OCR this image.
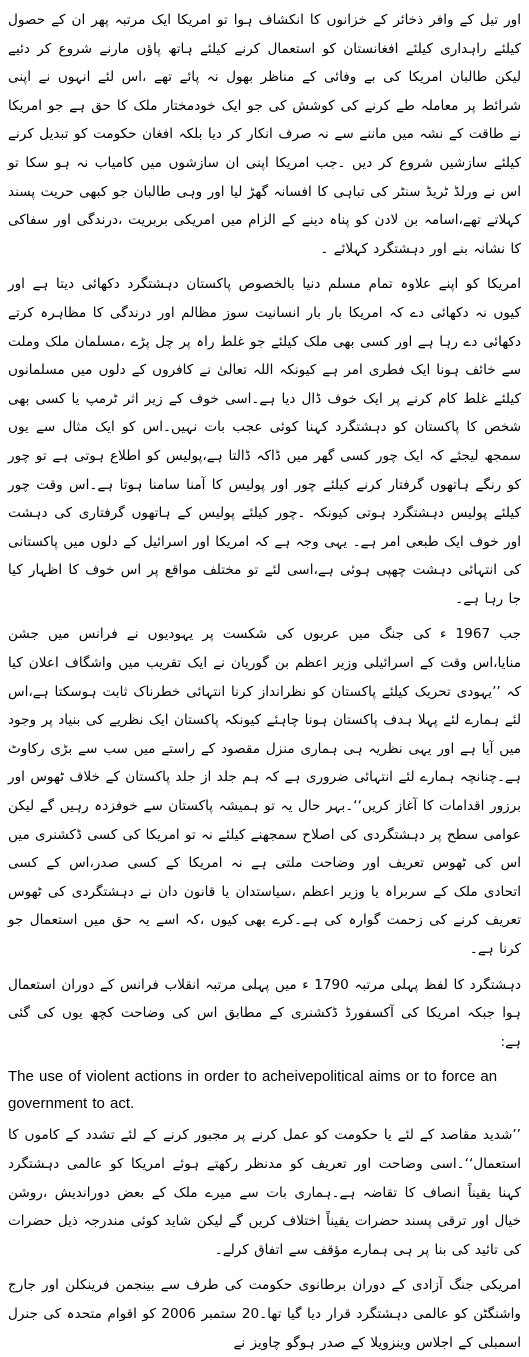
اور تیل کے وافر ذخائر کے خزانوں کا انکشاف ہوا تو امریکا ایک مرتبہ پھر ان کے حصول کیلئے راہداری کیلئے افغانستان کو استعمال کرنے کیلئے ہاتھ پاؤں مارنے شروع کر دئیے لیکن طالبان امریکا کی بے وفائی کے مناظر بھول نہ پائے تھے ،اس لئے انہوں نے اپنی شرائط پر معاملہ طے کرنے کی کوشش کی جو ایک خودمختار ملک کا حق ہے جو امریکا نے طاقت کے نشہ میں ماننے سے نہ صرف انکار کر دیا بلکہ افغان حکومت کو تبدیل کرنے کیلئے سازشیں شروع کر دیں ۔جب امریکا اپنی ان سازشوں میں کامیاب نہ ہو سکا تو اس نے ورلڈ ٹریڈ سنٹر کی تباہی کا افسانہ گھڑ لیا اور وہی طالبان جو کبھی حریت پسند کہلاتے تھے،اسامہ بن لادن کو پناہ دینے کے الزام میں امریکی بربریت ،درندگی اور سفاکی کا نشانہ بنے اور دہشتگرد کہلائے ۔

امریکا کو اپنے علاوہ تمام مسلم دنیا بالخصوص پاکستان دہشتگرد دکھائی دیتا ہے اور کیوں نہ دکھائی دے کہ امریکا بار بار انسانیت سوز مظالم اور درندگی کا مظاہرہ کرتے دکھائی دے رہا ہے اور کسی بھی ملک کیلئے جو غلط راہ پر چل پڑے ،مسلمان ملک وملت سے خائف ہونا ایک فطری امر ہے کیونکہ اللہ تعالیٰ نے کافروں کے دلوں میں مسلمانوں کیلئے غلط کام کرنے پر ایک خوف ڈال دیا ہے۔اسی خوف کے زیر اثر ٹرمپ یا کسی بھی شخص کا پاکستان کو دہشتگرد کہنا کوئی عجب بات نہیں۔اس کو ایک مثال سے یوں سمجھ لیجئے کہ ایک چور کسی گھر میں ڈاکہ ڈالتا ہے،پولیس کو اطلاع ہوتی ہے تو چور کو رنگے ہاتھوں گرفتار کرنے کیلئے چور اور پولیس کا آمنا سامنا ہوتا ہے۔اس وقت چور کیلئے پولیس دہشتگرد ہوتی کیونکہ ۔چور کیلئے پولیس کے ہاتھوں گرفتاری کی دہشت اور خوف ایک طبعی امر ہے۔ یہی وجہ ہے کہ امریکا اور اسرائیل کے دلوں میں پاکستانی کی انتہائی دہشت چھپی ہوئی ہے،اسی لئے تو مختلف مواقع پر اس خوف کا اظہار کیا جا رہا ہے۔

جب 1967 ء کی جنگ میں عربوں کی شکست پر یہودیوں نے فرانس میں جشن منایا،اس وقت کے اسرائیلی وزیر اعظم بن گوریان نے ایک تقریب میں واشگاف اعلان کیا کہ ’’یہودی تحریک کیلئے پاکستان کو نظرانداز کرنا انتہائی خطرناک ثابت ہوسکتا ہے،اس لئے ہمارے لئے پہلا ہدف پاکستان ہونا چاہئے کیونکہ پاکستان ایک نظریے کی بنیاد پر وجود میں آیا ہے اور یہی نظریہ ہی ہماری منزل مقصود کے راستے میں سب سے بڑی رکاوٹ ہے۔چنانچہ ہمارے لئے انتہائی ضروری ہے کہ ہم جلد از جلد پاکستان کے خلاف ٹھوس اور برزور اقدامات کا آغاز کریں‘‘۔بہر حال یہ تو ہمیشہ پاکستان سے خوفزدہ رہیں گے لیکن عوامی سطح پر دہشتگردی کی اصلاح سمجھنے کیلئے نہ تو امریکا کی کسی ڈکشنری میں اس کی ٹھوس تعریف اور وضاحت ملتی ہے نہ امریکا کے کسی صدر،اس کے کسی اتحادی ملک کے سربراہ یا وزیر اعظم ،سیاستدان یا قانون دان نے دہشتگردی کی ٹھوس تعریف کرنے کی زحمت گوارہ کی ہے۔کرے بھی کیوں ،کہ اسے یہ حق میں استعمال جو کرنا ہے۔

دہشتگرد کا لفظ پہلی مرتبہ 1790 ء میں پہلی مرتبہ انقلاب فرانس کے دوران استعمال ہوا جبکہ امریکا کی آکسفورڈ ڈکشنری کے مطابق اس کی وضاحت کچھ یوں کی گئی ہے:

The use of violent actions in order to acheivepolitical aims or to force an government to act.

’’شدید مقاصد کے لئے یا حکومت کو عمل کرنے پر مجبور کرنے کے لئے تشدد کے کاموں کا استعمال‘‘۔اسی وضاحت اور تعریف کو مدنظر رکھتے ہوئے امریکا کو عالمی دہشتگرد کہنا یقیناً انصاف کا تقاضہ ہے۔ہماری بات سے میرے ملک کے بعض دوراندیش ،روشن خیال اور ترقی پسند حضرات یقیناً اختلاف کریں گے لیکن شاید کوئی مندرجہ ذیل حضرات کی تائید کی بنا پر ہی ہمارے مؤقف سے اتفاق کرلے۔

امریکی جنگ آزادی کے دوران برطانوی حکومت کی طرف سے بینجمن فرینکلن اور جارج واشنگٹن کو عالمی دہشتگرد قرار دیا گیا تھا۔20 ستمبر 2006 کو اقوام متحدہ کی جنرل اسمبلی کے اجلاس وینزویلا کے صدر ہوگو چاویز نے
